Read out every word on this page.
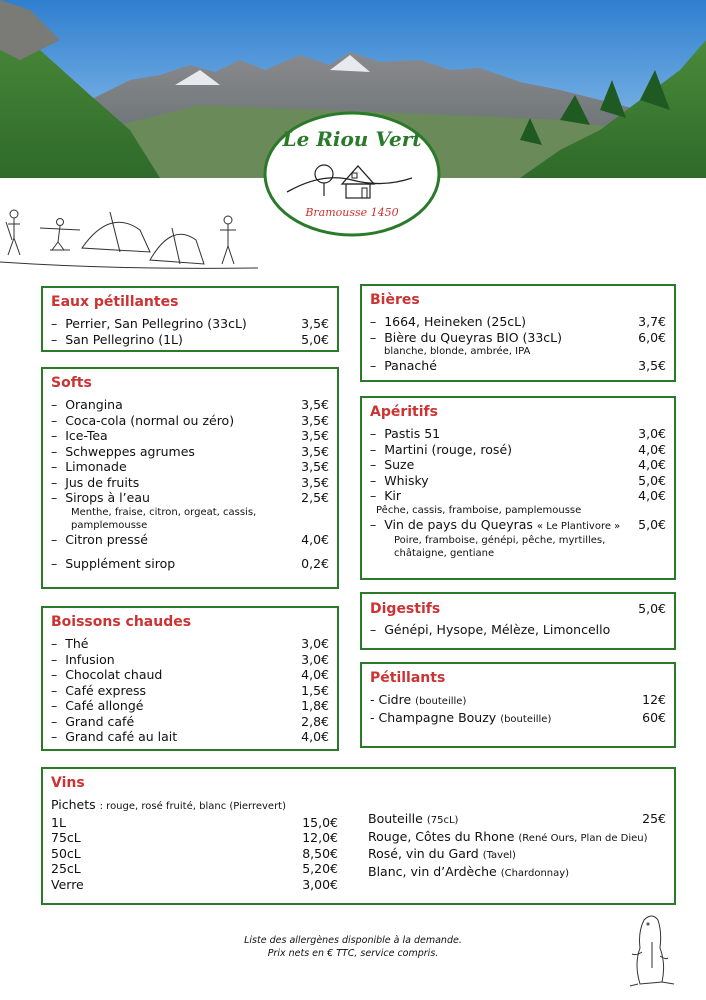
Le Riou Vert
Bramousse 1450
Eaux pétillantes
–  Perrier, San Pellegrino (33cL)	3,5€
–  San Pellegrino (1L)	5,0€
Softs
–  Orangina	3,5€
–  Coca-cola (normal ou zéro)	3,5€
–  Ice-Tea	3,5€
–  Schweppes agrumes	3,5€
–  Limonade	3,5€
–  Jus de fruits	3,5€
–  Sirops à l’eau	2,5€
Menthe, fraise, citron, orgeat, cassis,
pamplemousse
–  Citron pressé	4,0€
–  Supplément sirop	0,2€
Boissons chaudes
–  Thé	3,0€
–  Infusion	3,0€
–  Chocolat chaud	4,0€
–  Café express	1,5€
–  Café allongé	1,8€
–  Grand café	2,8€
–  Grand café au lait	4,0€
Bières
–  1664, Heineken (25cL)	3,7€
–  Bière du Queyras BIO (33cL)	6,0€
blanche, blonde, ambrée, IPA
–  Panaché	3,5€
Apéritifs
–  Pastis 51	3,0€
–  Martini (rouge, rosé)	4,0€
–  Suze	4,0€
–  Whisky	5,0€
–  Kir	4,0€
Pêche, cassis, framboise, pamplemousse
–  Vin de pays du Queyras « Le Plantivore »	5,0€
Poire, framboise, génépi, pêche, myrtilles,
châtaigne, gentiane
Digestifs	5,0€
–  Génépi, Hysope, Mélèze, Limoncello
Pétillants
- Cidre (bouteille)	12€
- Champagne Bouzy (bouteille)	60€
Vins
Pichets : rouge, rosé fruité, blanc (Pierrevert)
1L	15,0€
75cL	12,0€
50cL	8,50€
25cL	5,20€
Verre	3,00€
Bouteille (75cL)	25€
Rouge, Côtes du Rhone (René Ours, Plan de Dieu)
Rosé, vin du Gard (Tavel)
Blanc, vin d’Ardèche (Chardonnay)
Liste des allergènes disponible à la demande.
Prix nets en € TTC, service compris.
